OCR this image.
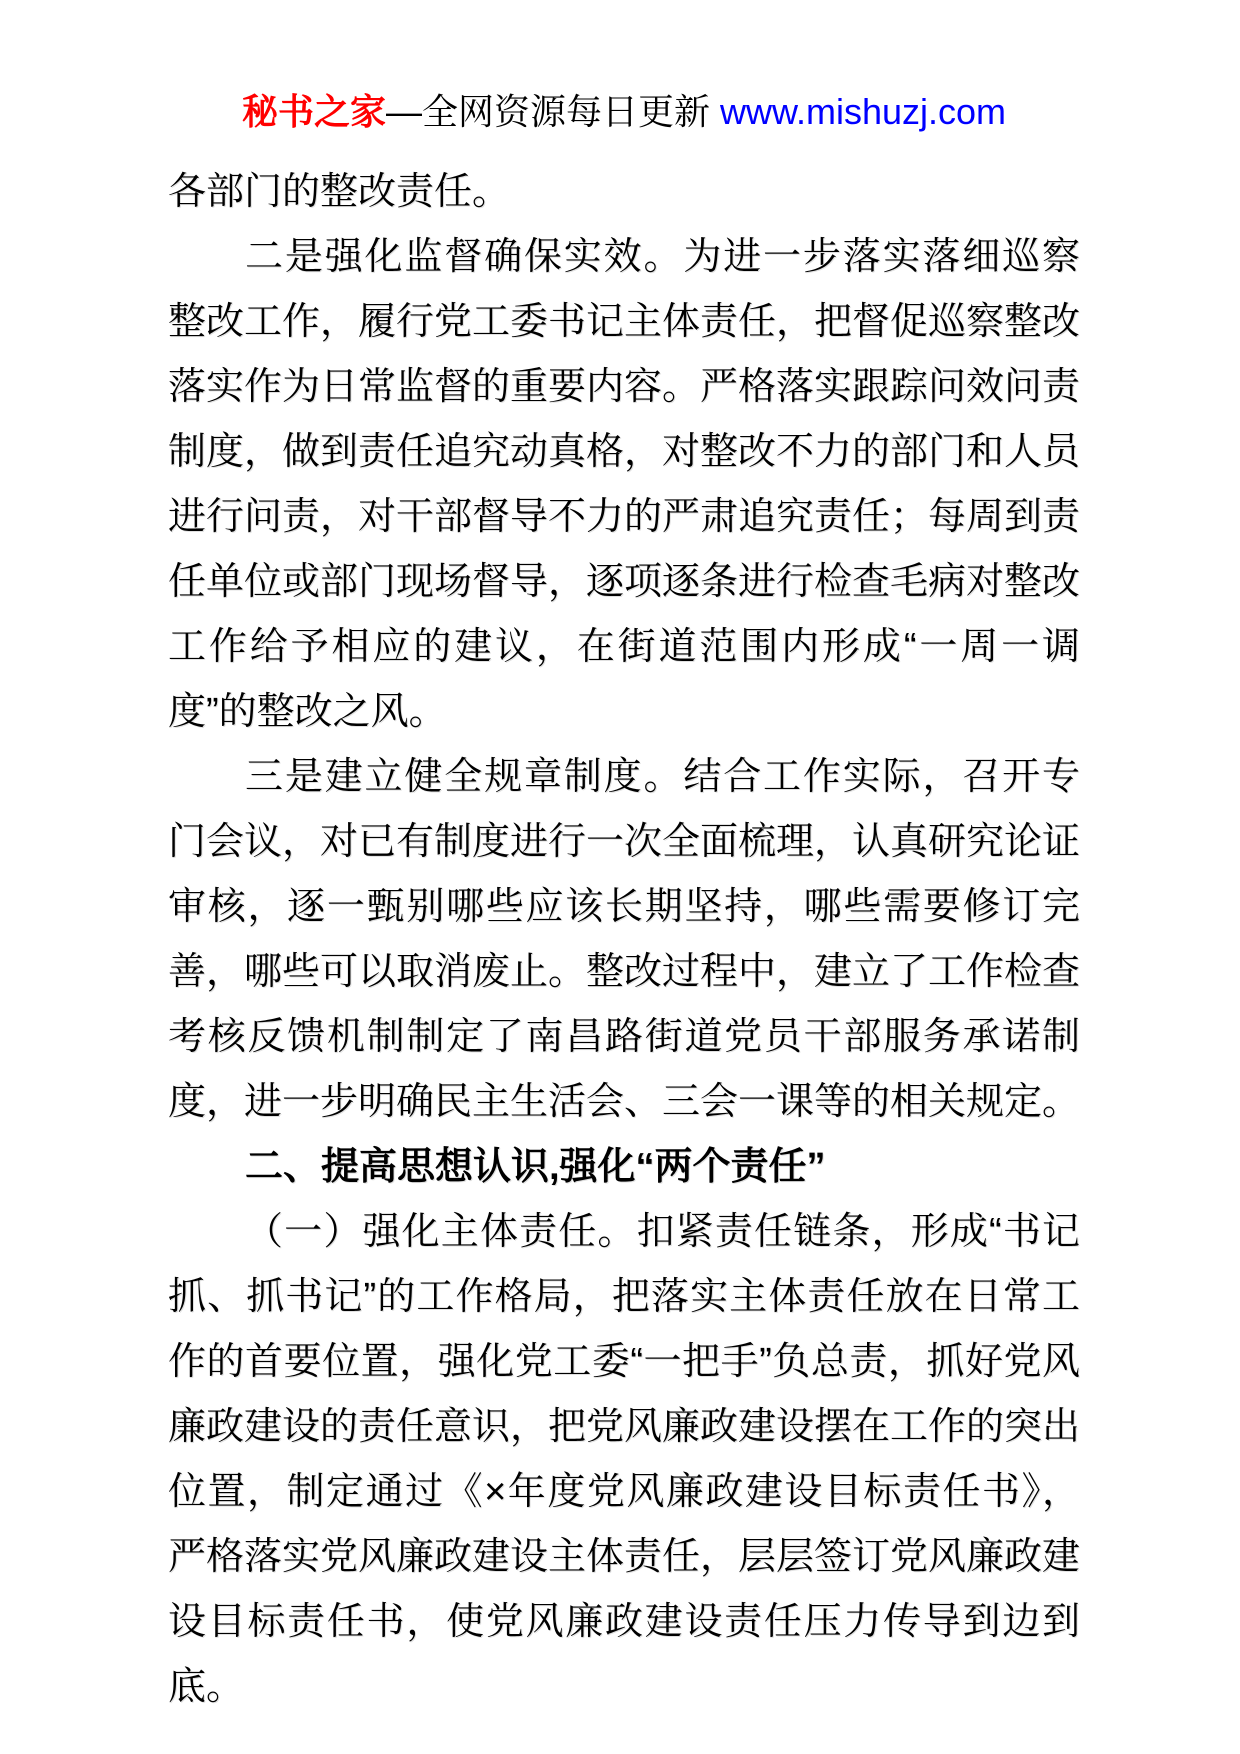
秘书之家—全网资源每日更新 www.mishuzj.com

各部门的整改责任。

二是强化监督确保实效。为进一步落实落细巡察整改工作，履行党工委书记主体责任，把督促巡察整改落实作为日常监督的重要内容。严格落实跟踪问效问责制度，做到责任追究动真格，对整改不力的部门和人员进行问责，对干部督导不力的严肃追究责任；每周到责任单位或部门现场督导，逐项逐条进行检查毛病对整改工作给予相应的建议，在街道范围内形成“一周一调度”的整改之风。

三是建立健全规章制度。结合工作实际，召开专门会议，对已有制度进行一次全面梳理，认真研究论证审核，逐一甄别哪些应该长期坚持，哪些需要修订完善，哪些可以取消废止。整改过程中，建立了工作检查考核反馈机制制定了南昌路街道党员干部服务承诺制度，进一步明确民主生活会、三会一课等的相关规定。

二、提高思想认识,强化“两个责任”

（一）强化主体责任。扣紧责任链条，形成“书记抓、抓书记”的工作格局，把落实主体责任放在日常工作的首要位置，强化党工委“一把手”负总责，抓好党风廉政建设的责任意识，把党风廉政建设摆在工作的突出位置，制定通过《×年度党风廉政建设目标责任书》，严格落实党风廉政建设主体责任，层层签订党风廉政建设目标责任书，使党风廉政建设责任压力传导到边到底。
